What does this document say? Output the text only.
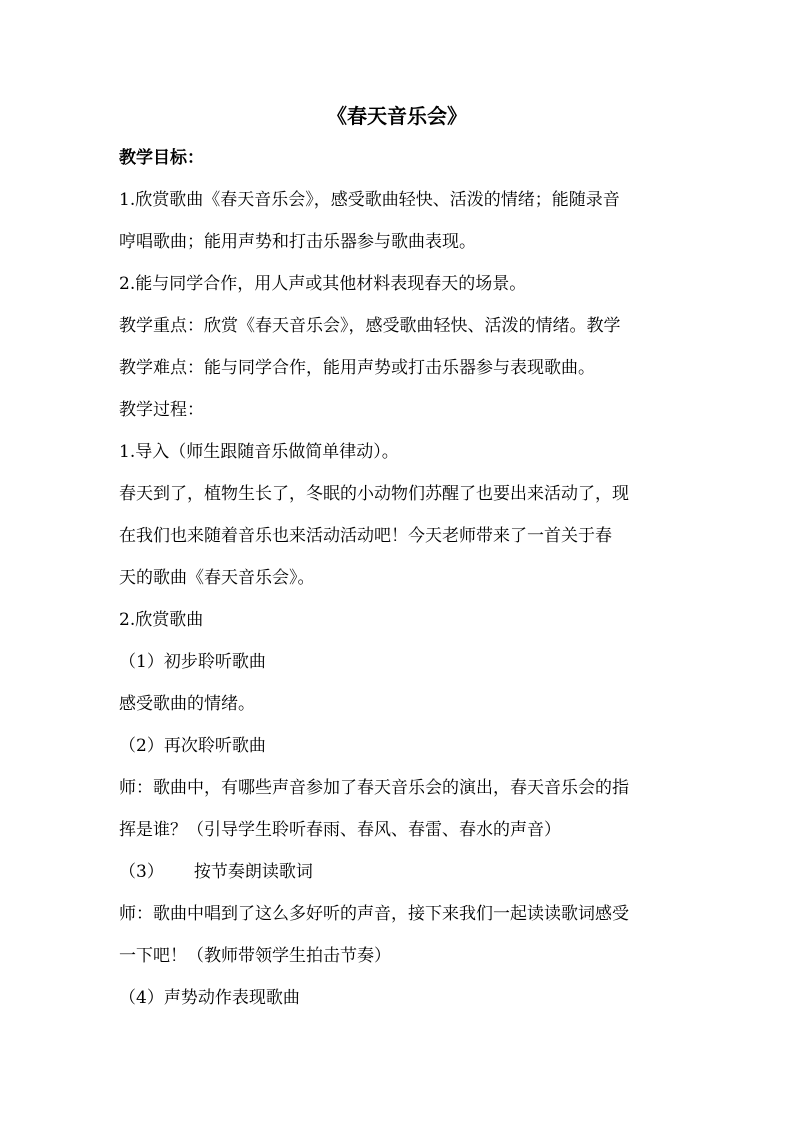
《春天音乐会》
教学目标：
1.欣赏歌曲《春天音乐会》，感受歌曲轻快、活泼的情绪；能随录音
哼唱歌曲；能用声势和打击乐器参与歌曲表现。
2.能与同学合作，用人声或其他材料表现春天的场景。
教学重点：欣赏《春天音乐会》，感受歌曲轻快、活泼的情绪。教学
教学难点：能与同学合作，能用声势或打击乐器参与表现歌曲。
教学过程：
1.导入（师生跟随音乐做简单律动）。
春天到了，植物生长了，冬眠的小动物们苏醒了也要出来活动了，现
在我们也来随着音乐也来活动活动吧！今天老师带来了一首关于春
天的歌曲《春天音乐会》。
2.欣赏歌曲
（1）初步聆听歌曲
感受歌曲的情绪。
（2）再次聆听歌曲
师：歌曲中，有哪些声音参加了春天音乐会的演出，春天音乐会的指
挥是谁？（引导学生聆听春雨、春风、春雷、春水的声音）
（3） 按节奏朗读歌词
师：歌曲中唱到了这么多好听的声音，接下来我们一起读读歌词感受
一下吧！（教师带领学生拍击节奏）
（4）声势动作表现歌曲
